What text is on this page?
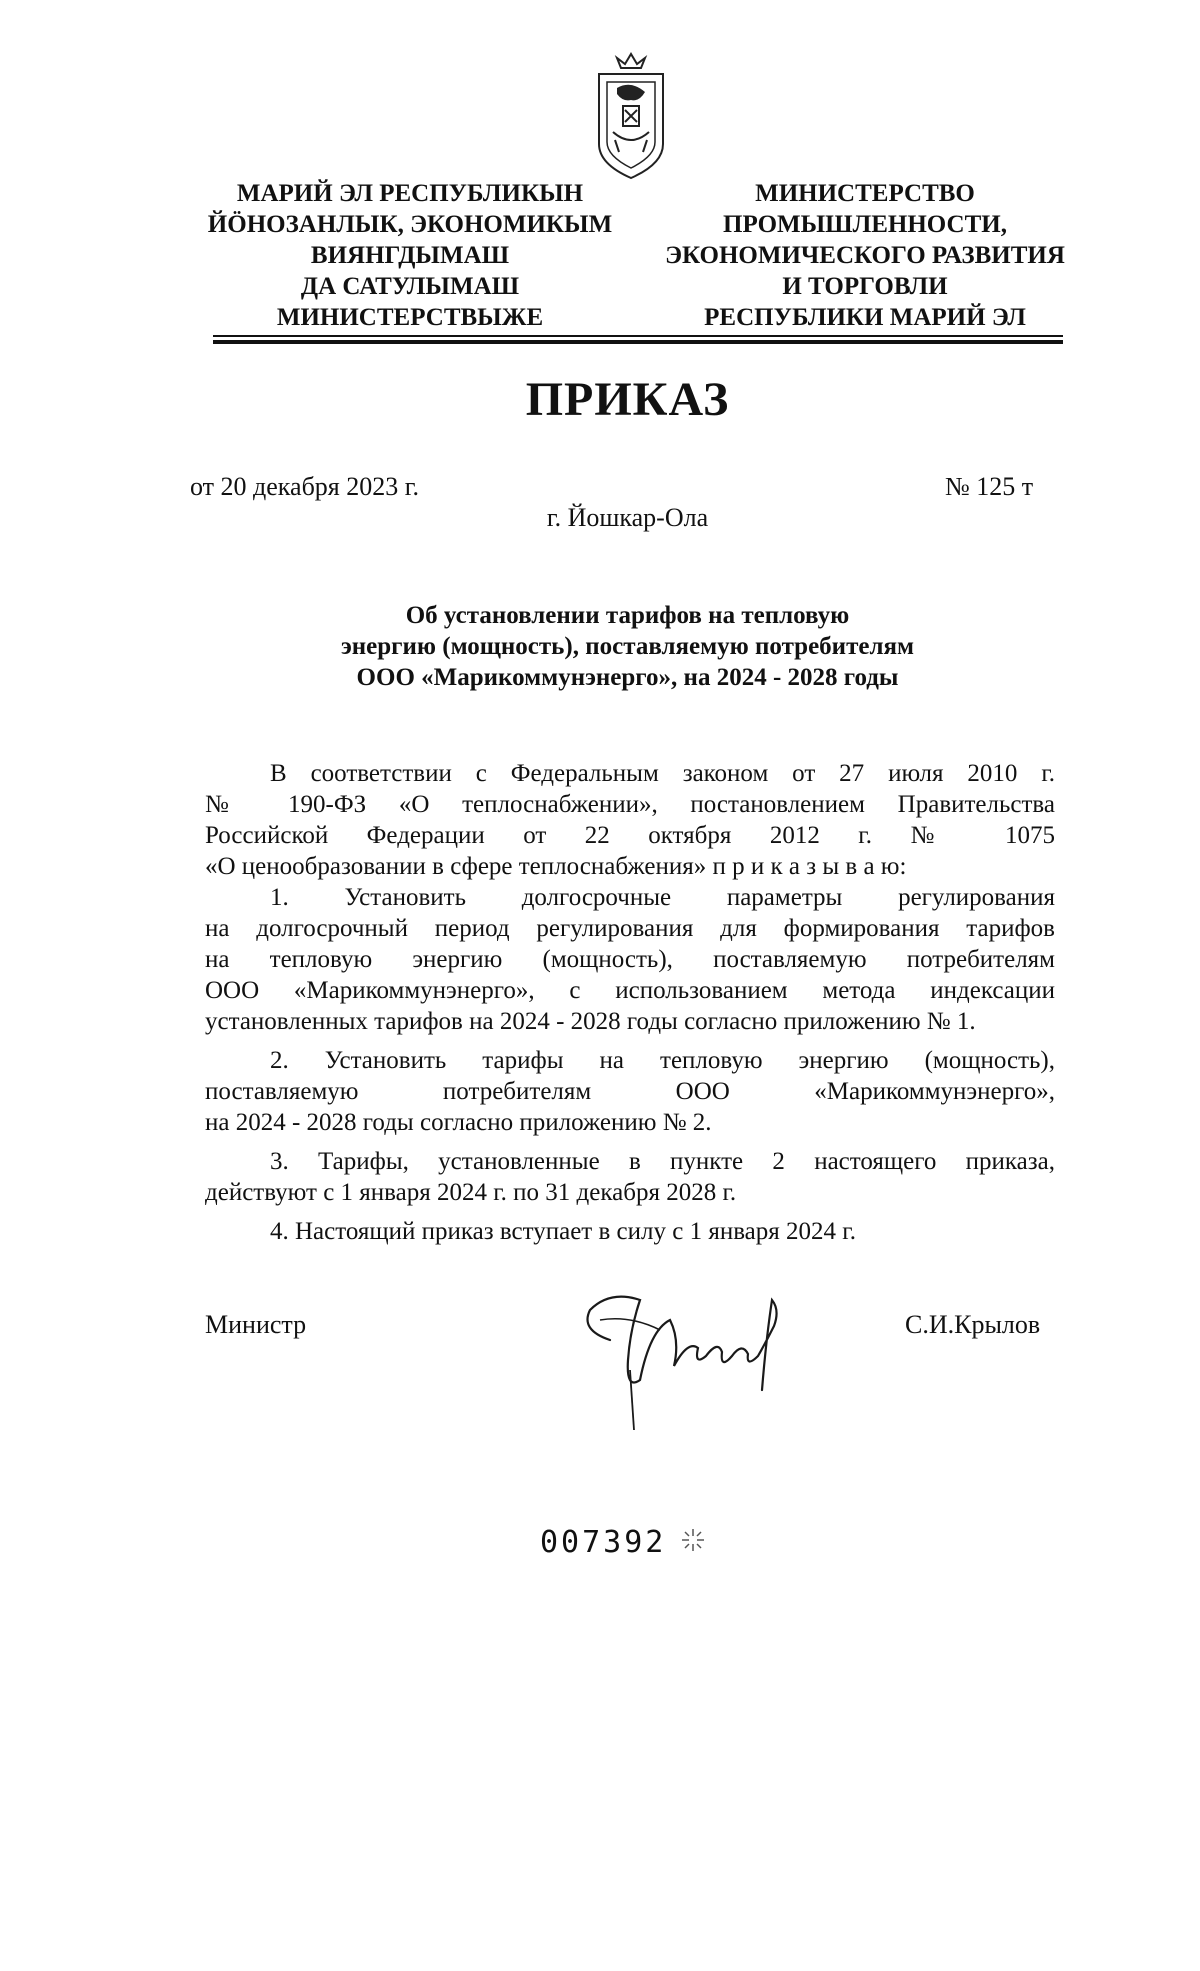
МАРИЙ ЭЛ РЕСПУБЛИКЫН
ЙÖНОЗАНЛЫК, ЭКОНОМИКЫМ
ВИЯНГДЫМАШ
ДА САТУЛЫМАШ
МИНИСТЕРСТВЫЖЕ
МИНИСТЕРСТВО
ПРОМЫШЛЕННОСТИ,
ЭКОНОМИЧЕСКОГО РАЗВИТИЯ
И ТОРГОВЛИ
РЕСПУБЛИКИ МАРИЙ ЭЛ
ПРИКАЗ
от 20 декабря 2023 г.	№ 125 т
г. Йошкар-Ола
Об установлении тарифов на тепловую
энергию (мощность), поставляемую потребителям
ООО «Марикоммунэнерго», на 2024 - 2028 годы
В соответствии с Федеральным законом от 27 июля 2010 г.
№ 190-ФЗ «О теплоснабжении», постановлением Правительства
Российской Федерации от 22 октября 2012 г. № 1075
«О ценообразовании в сфере теплоснабжения» п р и к а з ы в а ю:
1. Установить долгосрочные параметры регулирования
на долгосрочный период регулирования для формирования тарифов
на тепловую энергию (мощность), поставляемую потребителям
ООО «Марикоммунэнерго», с использованием метода индексации
установленных тарифов на 2024 - 2028 годы согласно приложению № 1.
2. Установить тарифы на тепловую энергию (мощность),
поставляемую потребителям ООО «Марикоммунэнерго»,
на 2024 - 2028 годы согласно приложению № 2.
3. Тарифы, установленные в пункте 2 настоящего приказа,
действуют с 1 января 2024 г. по 31 декабря 2028 г.
4. Настоящий приказ вступает в силу с 1 января 2024 г.
Министр	С.И.Крылов
007392
